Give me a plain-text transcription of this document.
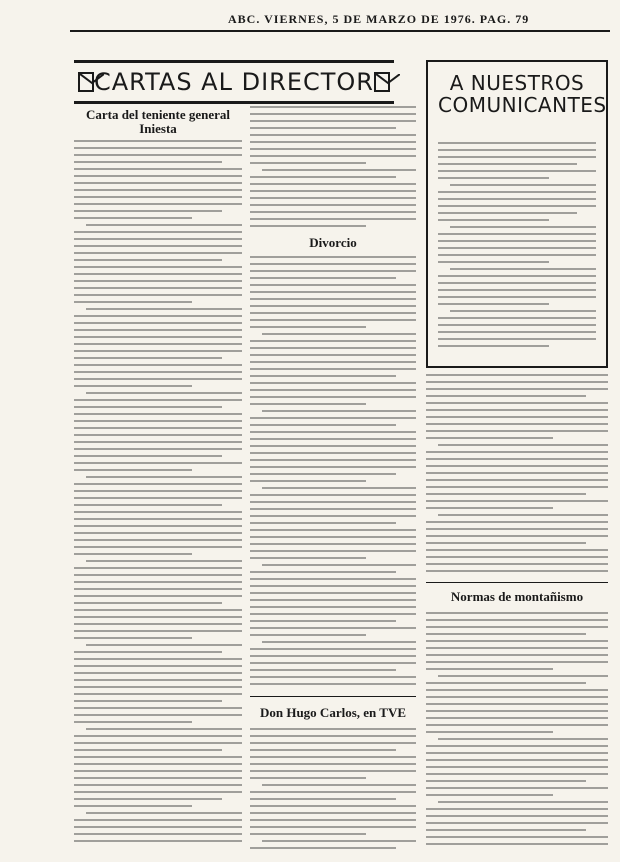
ABC. VIERNES, 5 DE MARZO DE 1976. PAG. 79
CARTAS AL DIRECTOR
Carta del teniente general Iniesta
Divorcio
Don Hugo Carlos, en TVE
A NUESTROS COMUNICANTES
Normas de montañismo
